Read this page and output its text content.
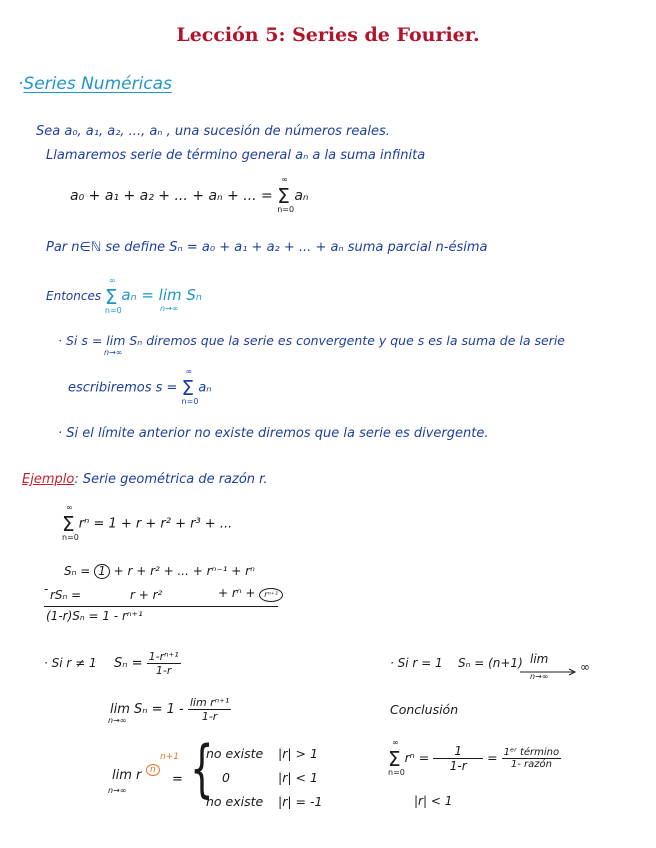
Lección 5: Series de Fourier.
·Series Numéricas
Sea a₀, a₁, a₂, ..., aₙ , una sucesión de números reales.
Llamaremos serie de término general aₙ a la suma infinita
a₀ + a₁ + a₂ + ... + aₙ + ... = Σ
∞
n=0
aₙ
Par n∈ℕ se define Sₙ = a₀ + a₁ + a₂ + ... + aₙ suma parcial n-ésima
Entonces Σ
∞
n=0
aₙ = lim Sₙ
n→∞
· Si s = lim Sₙ diremos que la serie es convergente y que s es la suma de la serie
n→∞
escribiremos s = Σ
∞
n=0
aₙ
· Si el límite anterior no existe diremos que la serie es divergente.
Ejemplo: Serie geométrica de razón r.
Σ
∞
n=0
rⁿ = 1 + r + r² + r³ + ...
Sₙ = 1 + r + r² + ... + rⁿ⁻¹ + rⁿ
- rSₙ =	r + r²	+ rⁿ + rⁿ⁺¹
(1-r)Sₙ = 1 - rⁿ⁺¹
· Si r ≠ 1 $S_n = \frac{\text{1-rⁿ⁺¹}}{1-r}$
$\lim S_n = 1 - \frac{\text{lim rⁿ⁺¹}}{1-r}$
n→∞
lim r n
n+1
n→∞
= {
no existe |r| > 1
0	|r| < 1
no existe |r| = -1
· Si r = 1 Sₙ = (n+1) lim
n→∞
∞
Conclusión
Σ
∞
n=0
$r^n = \frac{1}{1-r} = \frac{\text{1ᵉʳ término}}{\text{1- razón}}$
|r| < 1
